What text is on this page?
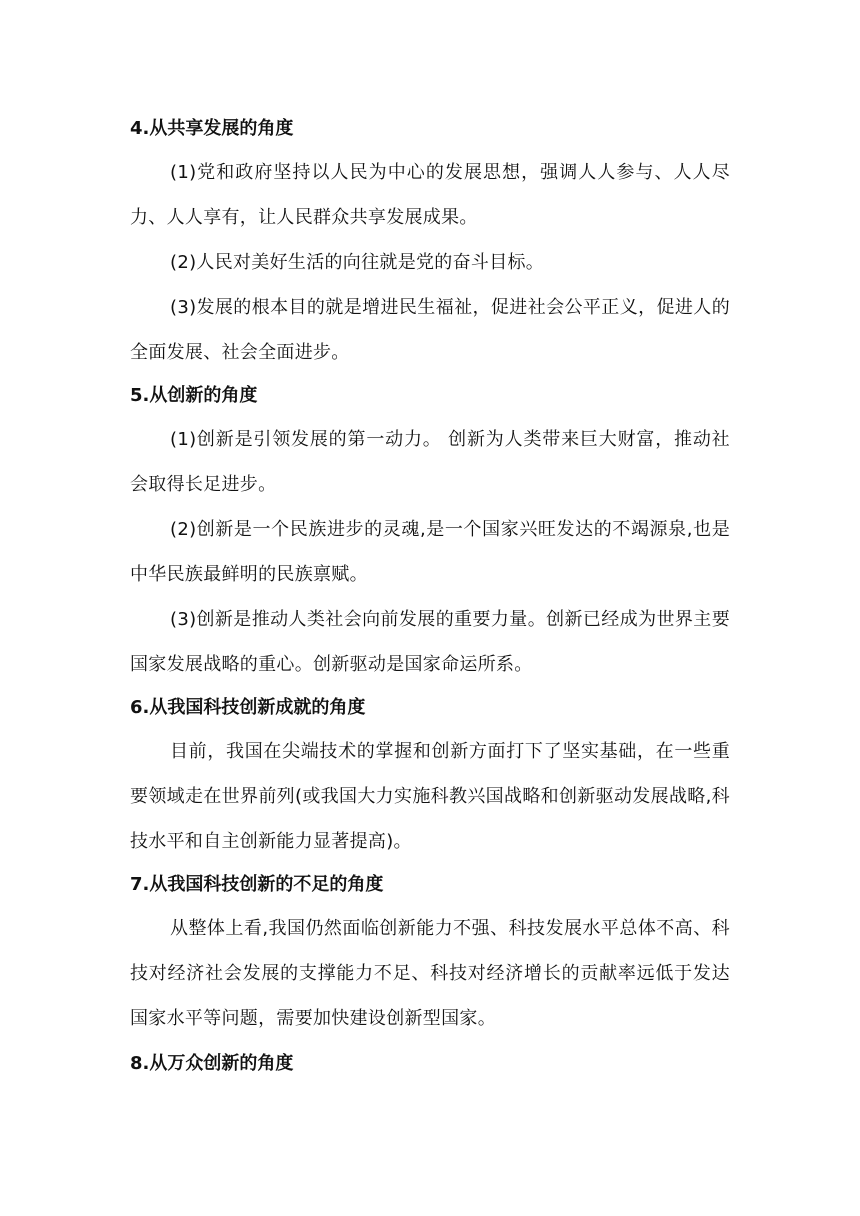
4.从共享发展的角度

(1)党和政府坚持以人民为中心的发展思想，强调人人参与、人人尽力、人人享有，让人民群众共享发展成果。

(2)人民对美好生活的向往就是党的奋斗目标。

(3)发展的根本目的就是增进民生福祉，促进社会公平正义，促进人的全面发展、社会全面进步。

5.从创新的角度

(1)创新是引领发展的第一动力。 创新为人类带来巨大财富，推动社会取得长足进步。

(2)创新是一个民族进步的灵魂,是一个国家兴旺发达的不竭源泉,也是中华民族最鲜明的民族禀赋。

(3)创新是推动人类社会向前发展的重要力量。创新已经成为世界主要国家发展战略的重心。创新驱动是国家命运所系。

6.从我国科技创新成就的角度

目前，我国在尖端技术的掌握和创新方面打下了坚实基础，在一些重要领域走在世界前列(或我国大力实施科教兴国战略和创新驱动发展战略,科技水平和自主创新能力显著提高)。

7.从我国科技创新的不足的角度

从整体上看,我国仍然面临创新能力不强、科技发展水平总体不高、科技对经济社会发展的支撑能力不足、科技对经济增长的贡献率远低于发达国家水平等问题，需要加快建设创新型国家。

8.从万众创新的角度
